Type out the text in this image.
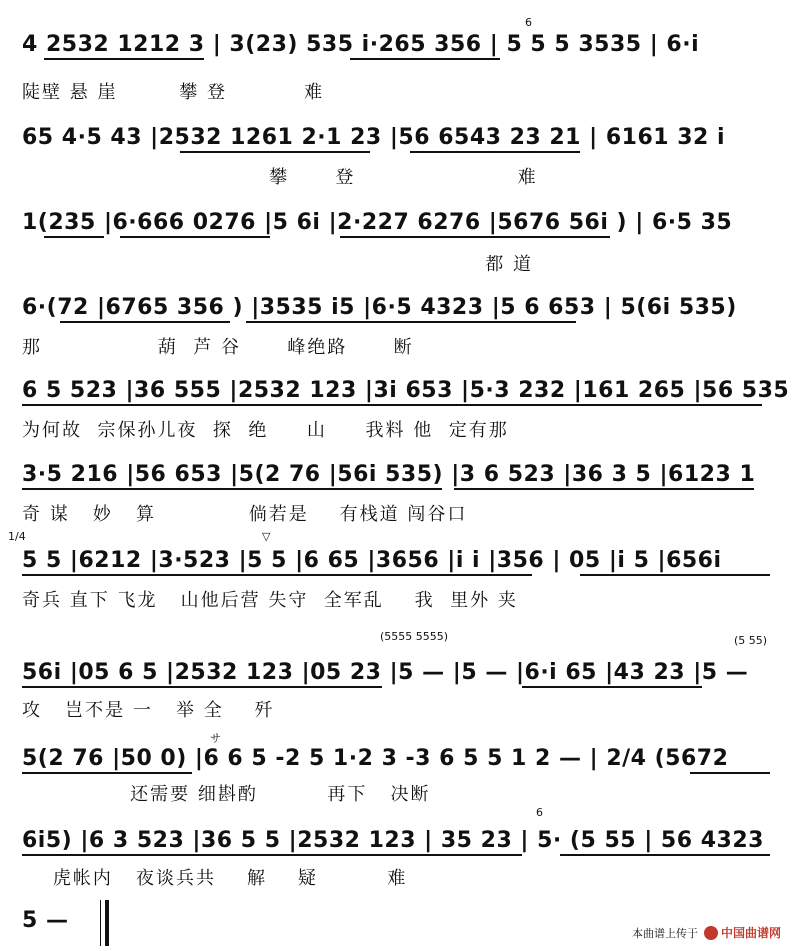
4 2532 1212 3 | 3(23) 535 i·265 356 | 5 5 5 3535 | 6·i
陡壁 悬 崖        攀 登          难
6
65 4·5 43 |2532 1261 2·1 23 |56 6543 23 21 | 6161 32 i
攀      登                     难
1(235 |6·666 0276 |5 6i |2·227 6276 |5676 56i ) | 6·5 35
都 道
6·(72 |6765 356 ) |3535 i5 |6·5 4323 |5 6 653 | 5(6i 535)
那               葫  芦 谷      峰绝路      断
6 5 523 |36 555 |2532 123 |3i 653 |5·3 232 |161 265 |56 535
为何故  宗保孙儿夜  探  绝     山     我料 他  定有那
3·5 216 |56 653 |5(2 76 |56i 535) |3 6 523 |36 3 5 |6123 1
奇 谋   妙   算            倘若是    有栈道 闯谷口
1/4	▽
5 5 |6212 |3·523 |5 5 |6 65 |3656 |i i |356 | 05 |i 5 |656i
奇兵 直下 飞龙   山他后营 失守  全军乱    我  里外 夹
(5555 5555)	(5 55)
56i |05 6 5 |2532 123 |05 23 |5 — |5 — |6·i 65 |43 23 |5 —
攻   岂不是 一   举 全    歼
サ
5(2 76 |50 0) |6 6 5 -2 5 1·2 3 -3 6 5 5 1 2 — | 2/4 (5672
还需要 细斟酌         再下   决断
6
6i5) |6 3 523 |36 5 5 |2532 123 | 35 23 | 5· (5 55 | 56 4323
虎帐内   夜谈兵共    解    疑         难
5 —	本曲谱上传于 中国曲谱网
